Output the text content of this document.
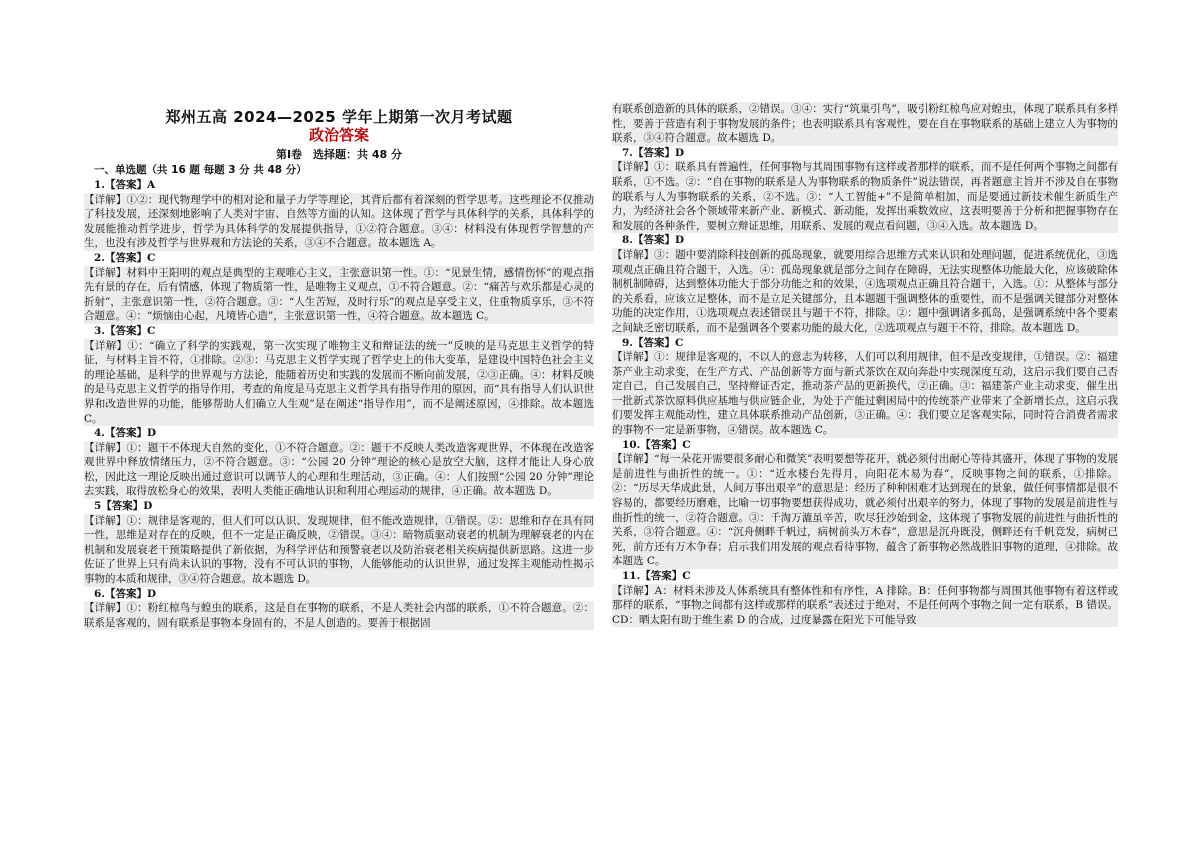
郑州五高 2024—2025 学年上期第一次月考试题
政治答案
第Ⅰ卷　选择题：共 48 分
一、单选题（共 16 题 每题 3 分 共 48 分）
1.【答案】A

【详解】①②：现代物理学中的相对论和量子力学等理论，其背后都有着深刻的哲学思考。这些理论不仅推动了科技发展，还深刻地影响了人类对宇宙、自然等方面的认知。这体现了哲学与具体科学的关系，具体科学的发展能推动哲学进步，哲学为具体科学的发展提供指导，①②符合题意。③④：材料没有体现哲学智慧的产生，也没有涉及哲学与世界观和方法论的关系，③④不合题意。故本题选 A。

2.【答案】C

【详解】材料中王阳明的观点是典型的主观唯心主义，主张意识第一性。①：“见景生情，感情伤怀”的观点指先有景的存在，后有情感，体现了物质第一性，是唯物主义观点，①不符合题意。②：“痛苦与欢乐都是心灵的折射”，主张意识第一性，②符合题意。③：“人生苦短，及时行乐”的观点是享受主义，住重物质享乐，③不符合题意。④：“烦恼由心起，凡境皆心造”，主张意识第一性，④符合题意。故本题选 C。

3.【答案】C

【详解】①：“确立了科学的实践观，第一次实现了唯物主义和辩证法的统一”反映的是马克思主义哲学的特征，与材料主旨不符，①排除。②③：马克思主义哲学实现了哲学史上的伟大变革，是建设中国特色社会主义的理论基础，是科学的世界观与方法论，能随着历史和实践的发展而不断向前发展，②③正确。④：材料反映的是马克思主义哲学的指导作用，考查的角度是马克思主义哲学具有指导作用的原因，而“具有指导人们认识世界和改造世界的功能，能够帮助人们确立人生观”是在阐述“指导作用”，而不是阐述原因，④排除。故本题选 C。

4.【答案】D

【详解】①：题干不体现大自然的变化，①不符合题意。②：题干不反映人类改造客观世界，不体现在改造客观世界中释放情绪压力，②不符合题意。③：“公园 20 分钟”理论的核心是放空大脑，这样才能让人身心放松，因此这一理论反映出通过意识可以调节人的心理和生理活动，③正确。④：人们按照“公园 20 分钟”理论去实践，取得放松身心的效果，表明人类能正确地认识和利用心理运动的规律，④正确。故本题选 D。

5【答案】D

【详解】①：规律是客观的，但人们可以认识、发现规律，但不能改造规律，①错误。②：思维和存在具有同一性，思维是对存在的反映，但不一定是正确反映，②错误。③④：暗物质驱动衰老的机制为理解衰老的内在机制和发展衰老干预策略提供了新依据，为科学评估和预警衰老以及防治衰老相关疾病提供新思路。这进一步佐证了世界上只有尚未认识的事物，没有不可认识的事物，人能够能动的认识世界，通过发挥主观能动性揭示事物的本质和规律，③④符合题意。故本题选 D。

6.【答案】D

【详解】①：粉红椋鸟与蝗虫的联系，这是自在事物的联系，不是人类社会内部的联系，①不符合题意。②：联系是客观的，固有联系是事物本身固有的，不是人创造的。要善于根据固

有联系创造新的具体的联系，②错误。③④：实行“筑巢引鸟”，吸引粉红椋鸟应对蝗虫，体现了联系具有多样性，要善于营造有利于事物发展的条件；也表明联系具有客观性，要在自在事物联系的基础上建立人为事物的联系，③④符合题意。故本题选 D。

7.【答案】D

【详解】①：联系具有普遍性，任何事物与其周围事物有这样或者那样的联系，而不是任何两个事物之间都有联系，①不选。②：“自在事物的联系是人为事物联系的物质条件”说法错误，再者题意主旨并不涉及自在事物的联系与人为事物联系的关系，②不选。③：“人工智能+”不是简单相加，而是要通过新技术催生新质生产力，为经济社会各个领域带来新产业、新模式、新动能，发挥出乘数效应，这表明要善于分析和把握事物存在和发展的各种条件，要树立辩证思维，用联系、发展的观点看问题，③④入选。故本题选 D。

8.【答案】D

【详解】③：题中要消除科技创新的孤岛现象，就要用综合思维方式来认识和处理问题，促进系统优化，③选项观点正确且符合题干，入选。④：孤岛现象就是部分之间存在障碍，无法实现整体功能最大化，应该破除体制机制障碍，达到整体功能大于部分功能之和的效果，④选项观点正确且符合题干，入选。①：从整体与部分的关系看，应该立足整体，而不是立足关键部分，且本题题干强调整体的重要性，而不是强调关键部分对整体功能的决定作用，①选项观点表述错误且与题干不符，排除。②：题中强调诸多孤岛，是强调系统中各个要素之间缺乏密切联系，而不是强调各个要素功能的最大化，②选项观点与题干不符，排除。故本题选 D。

9.【答案】C

【详解】①：规律是客观的，不以人的意志为转移，人们可以利用规律，但不是改变规律，①错误。②：福建茶产业主动求变，在生产方式、产品创新等方面与新式茶饮在双向奔赴中实现深度互动，这启示我们要自己否定自己，自己发展自己，坚持辩证否定，推动茶产品的更新换代，②正确。③：福建茶产业主动求变，催生出一批新式茶饮原料供应基地与供应链企业，为处于产能过剩困局中的传统茶产业带来了全新增长点，这启示我们要发挥主观能动性，建立具体联系推动产品创新，③正确。④：我们要立足客观实际，同时符合消费者需求的事物不一定是新事物，④错误。故本题选 C。

10.【答案】C

【详解】“每一朵花开需要很多耐心和微笑”表明要想等花开，就必须付出耐心等待其盛开，体现了事物的发展是前进性与曲折性的统一。①：“近水楼台先得月，向阳花木易为春”，反映事物之间的联系，①排除。②：“历尽天华成此景，人间万事出艰辛”的意思是：经历了种种困难才达到现在的景象，做任何事情都是很不容易的，都要经历磨难，比喻一切事物要想获得成功，就必须付出艰辛的努力，体现了事物的发展是前进性与曲折性的统一，②符合题意。③：千淘万漉虽辛苦，吹尽狂沙始到金，这体现了事物发展的前进性与曲折性的关系，③符合题意。④：“沉舟侧畔千帆过，病树前头万木春”，意思是沉舟既没，侧畔还有千帆竞发，病树已死，前方还有万木争春；启示我们用发展的观点看待事物，蕴含了新事物必然战胜旧事物的道理，④排除。故本题选 C。

11.【答案】C

【详解】A：材料未涉及人体系统具有整体性和有序性，A 排除。B：任何事物都与周围其他事物有着这样或那样的联系，“事物之间都有这样或那样的联系”表述过于绝对，不是任何两个事物之间一定有联系，B 错误。CD：晒太阳有助于维生素 D 的合成，过度暴露在阳光下可能导致
